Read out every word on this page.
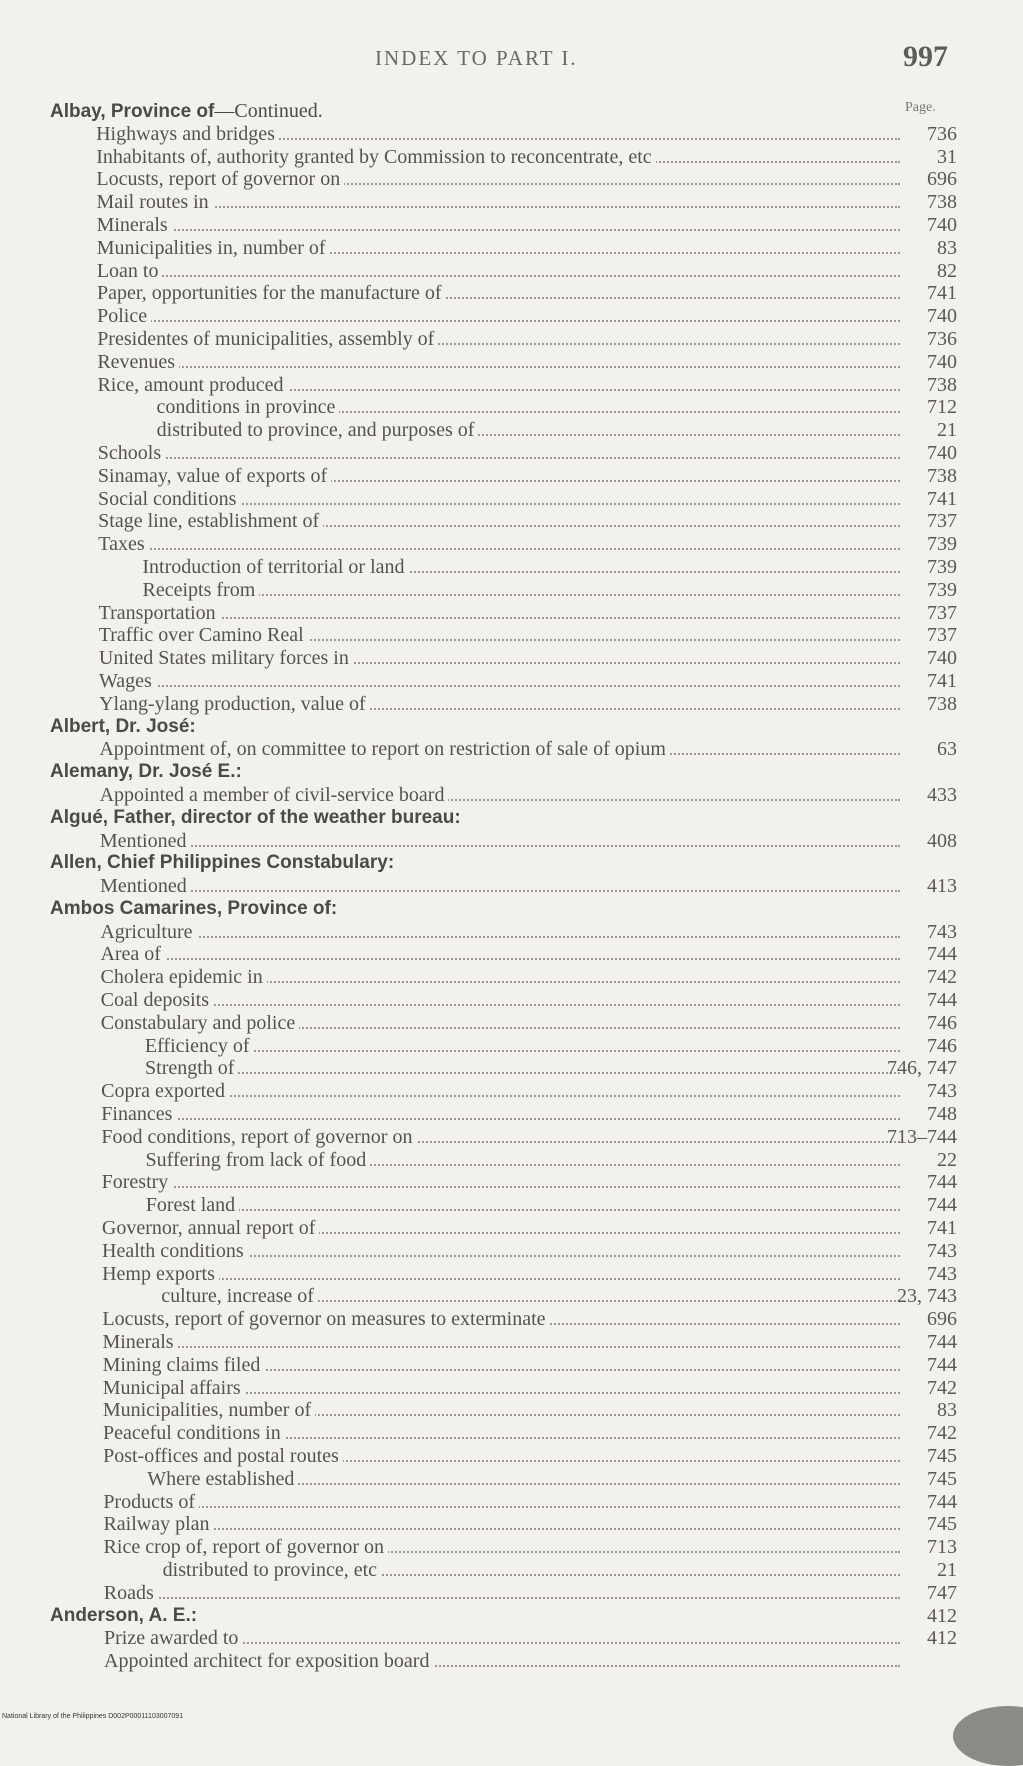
INDEX TO PART I.	997
Page.
Albay, Province of—Continued.
Highways and bridges	736
Inhabitants of, authority granted by Commission to reconcentrate, etc	31
Locusts, report of governor on	696
Mail routes in	738
Minerals	740
Municipalities in, number of	83
Loan to	82
Paper, opportunities for the manufacture of	741
Police	740
Presidentes of municipalities, assembly of	736
Revenues	740
Rice, amount produced	738
conditions in province	712
distributed to province, and purposes of	21
Schools	740
Sinamay, value of exports of	738
Social conditions	741
Stage line, establishment of	737
Taxes	739
Introduction of territorial or land	739
Receipts from	739
Transportation	737
Traffic over Camino Real	737
United States military forces in	740
Wages	741
Ylang-ylang production, value of	738
Albert, Dr. José:
Appointment of, on committee to report on restriction of sale of opium	63
Alemany, Dr. José E.:
Appointed a member of civil-service board	433
Algué, Father, director of the weather bureau:
Mentioned	408
Allen, Chief Philippines Constabulary:
Mentioned	413
Ambos Camarines, Province of:
Agriculture	743
Area of	744
Cholera epidemic in	742
Coal deposits	744
Constabulary and police	746
Efficiency of	746
Strength of	746, 747
Copra exported	743
Finances	748
Food conditions, report of governor on	713–744
Suffering from lack of food	22
Forestry	744
Forest land	744
Governor, annual report of	741
Health conditions	743
Hemp exports	743
culture, increase of	23, 743
Locusts, report of governor on measures to exterminate	696
Minerals	744
Mining claims filed	744
Municipal affairs	742
Municipalities, number of	83
Peaceful conditions in	742
Post-offices and postal routes	745
Where established	745
Products of	744
Railway plan	745
Rice crop of, report of governor on	713
distributed to province, etc	21
Roads	747
Anderson, A. E.:	412
Prize awarded to	412
Appointed architect for exposition board
National Library of the Philippines D002P00011103007091
